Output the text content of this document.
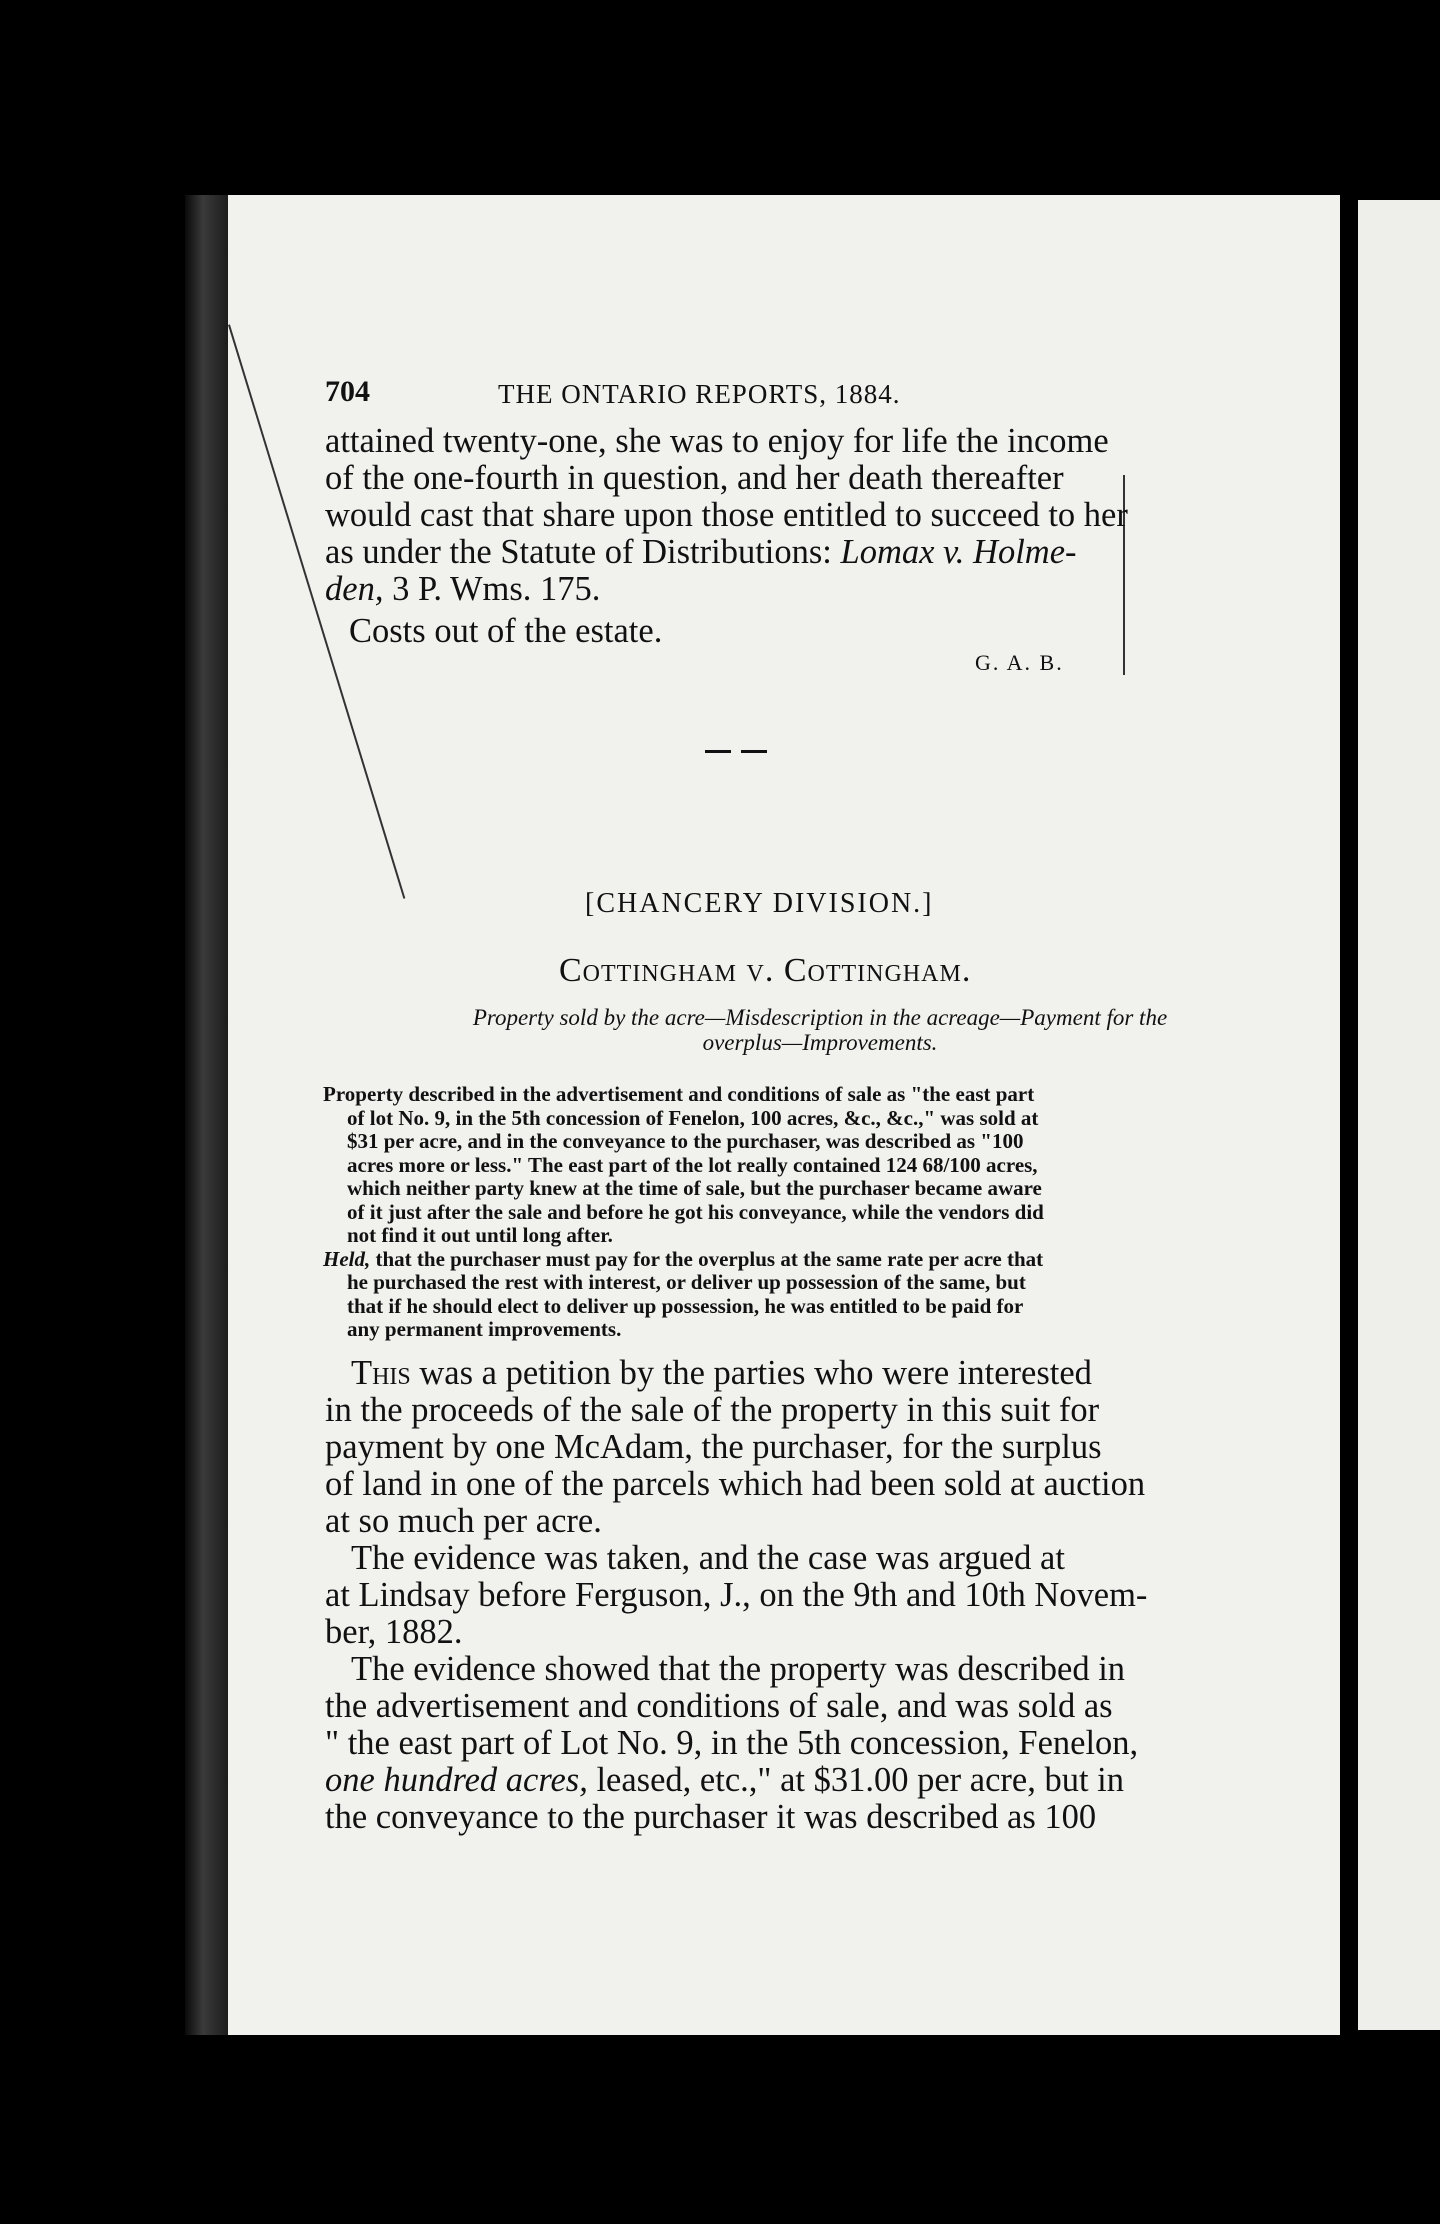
704	THE ONTARIO REPORTS, 1884.
attained twenty-one, she was to enjoy for life the income
of the one-fourth in question, and her death thereafter
would cast that share upon those entitled to succeed to her
as under the Statute of Distributions: Lomax v. Holme-
den, 3 P. Wms. 175.
Costs out of the estate.
G. A. B.
[CHANCERY DIVISION.]
Cottingham v. Cottingham.
Property sold by the acre—Misdescription in the acreage—Payment for the
overplus—Improvements.
Property described in the advertisement and conditions of sale as "the east part
of lot No. 9, in the 5th concession of Fenelon, 100 acres, &c., &c.," was sold at
$31 per acre, and in the conveyance to the purchaser, was described as "100
acres more or less." The east part of the lot really contained 124 68/100 acres,
which neither party knew at the time of sale, but the purchaser became aware
of it just after the sale and before he got his conveyance, while the vendors did
not find it out until long after.
Held, that the purchaser must pay for the overplus at the same rate per acre that
he purchased the rest with interest, or deliver up possession of the same, but
that if he should elect to deliver up possession, he was entitled to be paid for
any permanent improvements.
This was a petition by the parties who were interested
in the proceeds of the sale of the property in this suit for
payment by one McAdam, the purchaser, for the surplus
of land in one of the parcels which had been sold at auction
at so much per acre.
The evidence was taken, and the case was argued at
at Lindsay before Ferguson, J., on the 9th and 10th Novem-
ber, 1882.
The evidence showed that the property was described in
the advertisement and conditions of sale, and was sold as
" the east part of Lot No. 9, in the 5th concession, Fenelon,
one hundred acres, leased, etc.," at $31.00 per acre, but in
the conveyance to the purchaser it was described as 100
